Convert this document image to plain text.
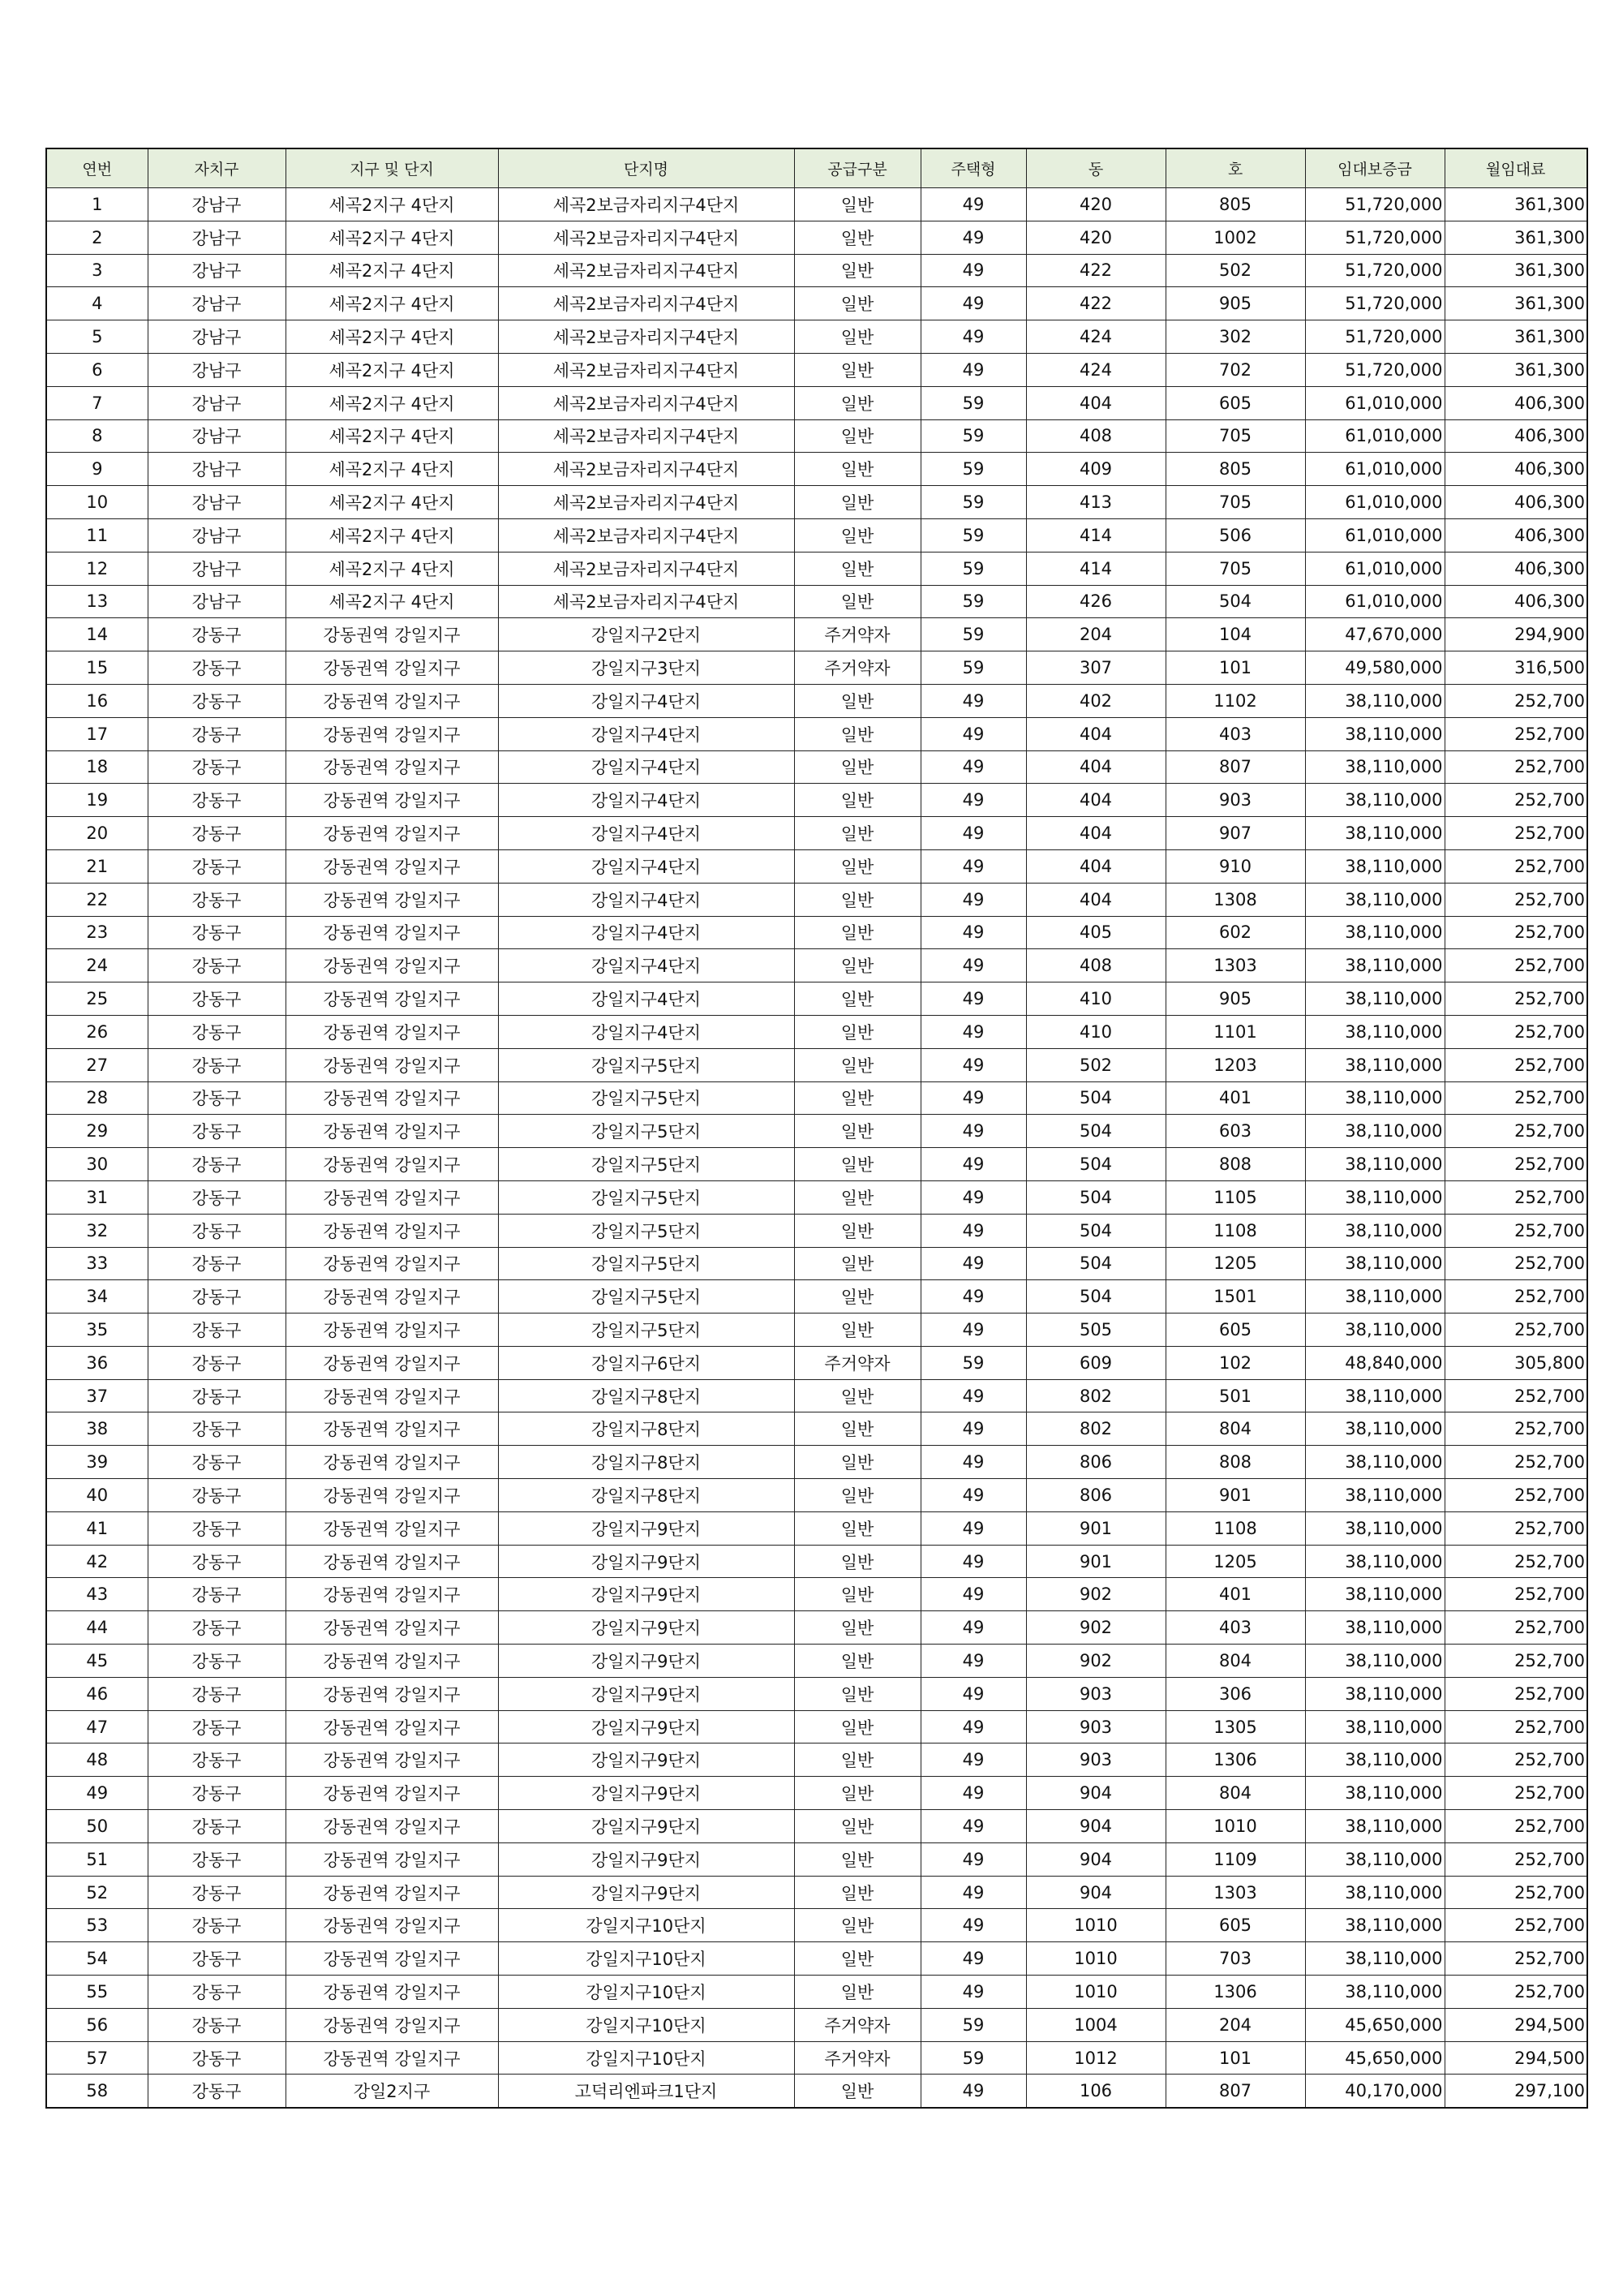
연번	자치구	지구 및 단지	단지명	공급구분	주택형	동	호	임대보증금	월임대료
1	강남구	세곡2지구 4단지	세곡2보금자리지구4단지	일반	49	420	805	51,720,000	361,300
2	강남구	세곡2지구 4단지	세곡2보금자리지구4단지	일반	49	420	1002	51,720,000	361,300
3	강남구	세곡2지구 4단지	세곡2보금자리지구4단지	일반	49	422	502	51,720,000	361,300
4	강남구	세곡2지구 4단지	세곡2보금자리지구4단지	일반	49	422	905	51,720,000	361,300
5	강남구	세곡2지구 4단지	세곡2보금자리지구4단지	일반	49	424	302	51,720,000	361,300
6	강남구	세곡2지구 4단지	세곡2보금자리지구4단지	일반	49	424	702	51,720,000	361,300
7	강남구	세곡2지구 4단지	세곡2보금자리지구4단지	일반	59	404	605	61,010,000	406,300
8	강남구	세곡2지구 4단지	세곡2보금자리지구4단지	일반	59	408	705	61,010,000	406,300
9	강남구	세곡2지구 4단지	세곡2보금자리지구4단지	일반	59	409	805	61,010,000	406,300
10	강남구	세곡2지구 4단지	세곡2보금자리지구4단지	일반	59	413	705	61,010,000	406,300
11	강남구	세곡2지구 4단지	세곡2보금자리지구4단지	일반	59	414	506	61,010,000	406,300
12	강남구	세곡2지구 4단지	세곡2보금자리지구4단지	일반	59	414	705	61,010,000	406,300
13	강남구	세곡2지구 4단지	세곡2보금자리지구4단지	일반	59	426	504	61,010,000	406,300
14	강동구	강동권역 강일지구	강일지구2단지	주거약자	59	204	104	47,670,000	294,900
15	강동구	강동권역 강일지구	강일지구3단지	주거약자	59	307	101	49,580,000	316,500
16	강동구	강동권역 강일지구	강일지구4단지	일반	49	402	1102	38,110,000	252,700
17	강동구	강동권역 강일지구	강일지구4단지	일반	49	404	403	38,110,000	252,700
18	강동구	강동권역 강일지구	강일지구4단지	일반	49	404	807	38,110,000	252,700
19	강동구	강동권역 강일지구	강일지구4단지	일반	49	404	903	38,110,000	252,700
20	강동구	강동권역 강일지구	강일지구4단지	일반	49	404	907	38,110,000	252,700
21	강동구	강동권역 강일지구	강일지구4단지	일반	49	404	910	38,110,000	252,700
22	강동구	강동권역 강일지구	강일지구4단지	일반	49	404	1308	38,110,000	252,700
23	강동구	강동권역 강일지구	강일지구4단지	일반	49	405	602	38,110,000	252,700
24	강동구	강동권역 강일지구	강일지구4단지	일반	49	408	1303	38,110,000	252,700
25	강동구	강동권역 강일지구	강일지구4단지	일반	49	410	905	38,110,000	252,700
26	강동구	강동권역 강일지구	강일지구4단지	일반	49	410	1101	38,110,000	252,700
27	강동구	강동권역 강일지구	강일지구5단지	일반	49	502	1203	38,110,000	252,700
28	강동구	강동권역 강일지구	강일지구5단지	일반	49	504	401	38,110,000	252,700
29	강동구	강동권역 강일지구	강일지구5단지	일반	49	504	603	38,110,000	252,700
30	강동구	강동권역 강일지구	강일지구5단지	일반	49	504	808	38,110,000	252,700
31	강동구	강동권역 강일지구	강일지구5단지	일반	49	504	1105	38,110,000	252,700
32	강동구	강동권역 강일지구	강일지구5단지	일반	49	504	1108	38,110,000	252,700
33	강동구	강동권역 강일지구	강일지구5단지	일반	49	504	1205	38,110,000	252,700
34	강동구	강동권역 강일지구	강일지구5단지	일반	49	504	1501	38,110,000	252,700
35	강동구	강동권역 강일지구	강일지구5단지	일반	49	505	605	38,110,000	252,700
36	강동구	강동권역 강일지구	강일지구6단지	주거약자	59	609	102	48,840,000	305,800
37	강동구	강동권역 강일지구	강일지구8단지	일반	49	802	501	38,110,000	252,700
38	강동구	강동권역 강일지구	강일지구8단지	일반	49	802	804	38,110,000	252,700
39	강동구	강동권역 강일지구	강일지구8단지	일반	49	806	808	38,110,000	252,700
40	강동구	강동권역 강일지구	강일지구8단지	일반	49	806	901	38,110,000	252,700
41	강동구	강동권역 강일지구	강일지구9단지	일반	49	901	1108	38,110,000	252,700
42	강동구	강동권역 강일지구	강일지구9단지	일반	49	901	1205	38,110,000	252,700
43	강동구	강동권역 강일지구	강일지구9단지	일반	49	902	401	38,110,000	252,700
44	강동구	강동권역 강일지구	강일지구9단지	일반	49	902	403	38,110,000	252,700
45	강동구	강동권역 강일지구	강일지구9단지	일반	49	902	804	38,110,000	252,700
46	강동구	강동권역 강일지구	강일지구9단지	일반	49	903	306	38,110,000	252,700
47	강동구	강동권역 강일지구	강일지구9단지	일반	49	903	1305	38,110,000	252,700
48	강동구	강동권역 강일지구	강일지구9단지	일반	49	903	1306	38,110,000	252,700
49	강동구	강동권역 강일지구	강일지구9단지	일반	49	904	804	38,110,000	252,700
50	강동구	강동권역 강일지구	강일지구9단지	일반	49	904	1010	38,110,000	252,700
51	강동구	강동권역 강일지구	강일지구9단지	일반	49	904	1109	38,110,000	252,700
52	강동구	강동권역 강일지구	강일지구9단지	일반	49	904	1303	38,110,000	252,700
53	강동구	강동권역 강일지구	강일지구10단지	일반	49	1010	605	38,110,000	252,700
54	강동구	강동권역 강일지구	강일지구10단지	일반	49	1010	703	38,110,000	252,700
55	강동구	강동권역 강일지구	강일지구10단지	일반	49	1010	1306	38,110,000	252,700
56	강동구	강동권역 강일지구	강일지구10단지	주거약자	59	1004	204	45,650,000	294,500
57	강동구	강동권역 강일지구	강일지구10단지	주거약자	59	1012	101	45,650,000	294,500
58	강동구	강일2지구	고덕리엔파크1단지	일반	49	106	807	40,170,000	297,100
